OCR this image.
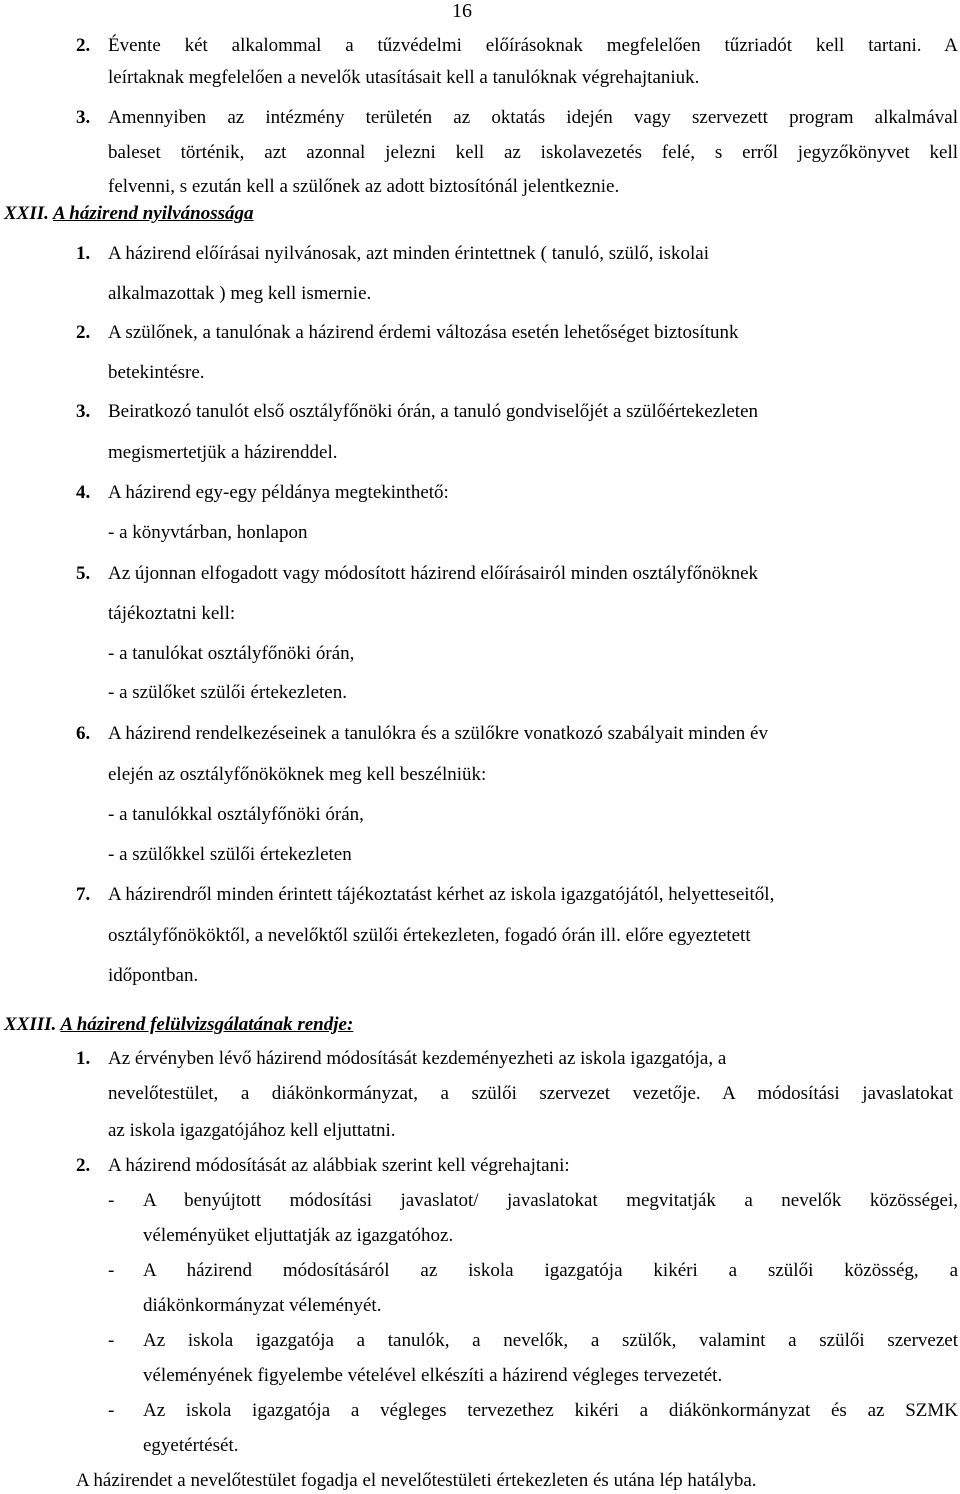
16
2. Évente két alkalommal a tűzvédelmi előírásoknak megfelelően tűzriadót kell tartani. A
leírtaknak megfelelően a nevelők utasításait kell a tanulóknak végrehajtaniuk.
3. Amennyiben az intézmény területén az oktatás idején vagy szervezett program alkalmával
baleset történik, azt azonnal jelezni kell az iskolavezetés felé, s erről jegyzőkönyvet kell
felvenni, s ezután kell a szülőnek az adott biztosítónál jelentkeznie.
XXII. A házirend nyilvánossága
1. A házirend előírásai nyilvánosak, azt minden érintettnek ( tanuló, szülő, iskolai
alkalmazottak ) meg kell ismernie.
2. A szülőnek, a tanulónak a házirend érdemi változása esetén lehetőséget biztosítunk
betekintésre.
3. Beiratkozó tanulót első osztályfőnöki órán, a tanuló gondviselőjét a szülőértekezleten
megismertetjük a házirenddel.
4. A házirend egy-egy példánya megtekinthető:
- a könyvtárban, honlapon
5. Az újonnan elfogadott vagy módosított házirend előírásairól minden osztályfőnöknek
tájékoztatni kell:
- a tanulókat osztályfőnöki órán,
- a szülőket szülői értekezleten.
6. A házirend rendelkezéseinek a tanulókra és a szülőkre vonatkozó szabályait minden év
elején az osztályfőnököknek meg kell beszélniük:
- a tanulókkal osztályfőnöki órán,
- a szülőkkel szülői értekezleten
7. A házirendről minden érintett tájékoztatást kérhet az iskola igazgatójától, helyetteseitől,
osztályfőnököktől, a nevelőktől szülői értekezleten, fogadó órán ill. előre egyeztetett
időpontban.
XXIII. A házirend felülvizsgálatának rendje:
1. Az érvényben lévő házirend módosítását kezdeményezheti az iskola igazgatója, a
nevelőtestület, a diákönkormányzat, a szülői szervezet vezetője. A módosítási javaslatokat
az iskola igazgatójához kell eljuttatni.
2. A házirend módosítását az alábbiak szerint kell végrehajtani:
- A benyújtott módosítási javaslatot/ javaslatokat megvitatják a nevelők közösségei,
véleményüket eljuttatják az igazgatóhoz.
- A házirend módosításáról az iskola igazgatója kikéri a szülői közösség, a
diákönkormányzat véleményét.
- Az iskola igazgatója a tanulók, a nevelők, a szülők, valamint a szülői szervezet
véleményének figyelembe vételével elkészíti a házirend végleges tervezetét.
- Az iskola igazgatója a végleges tervezethez kikéri a diákönkormányzat és az SZMK
egyetértését.
A házirendet a nevelőtestület fogadja el nevelőtestületi értekezleten és utána lép hatályba.
